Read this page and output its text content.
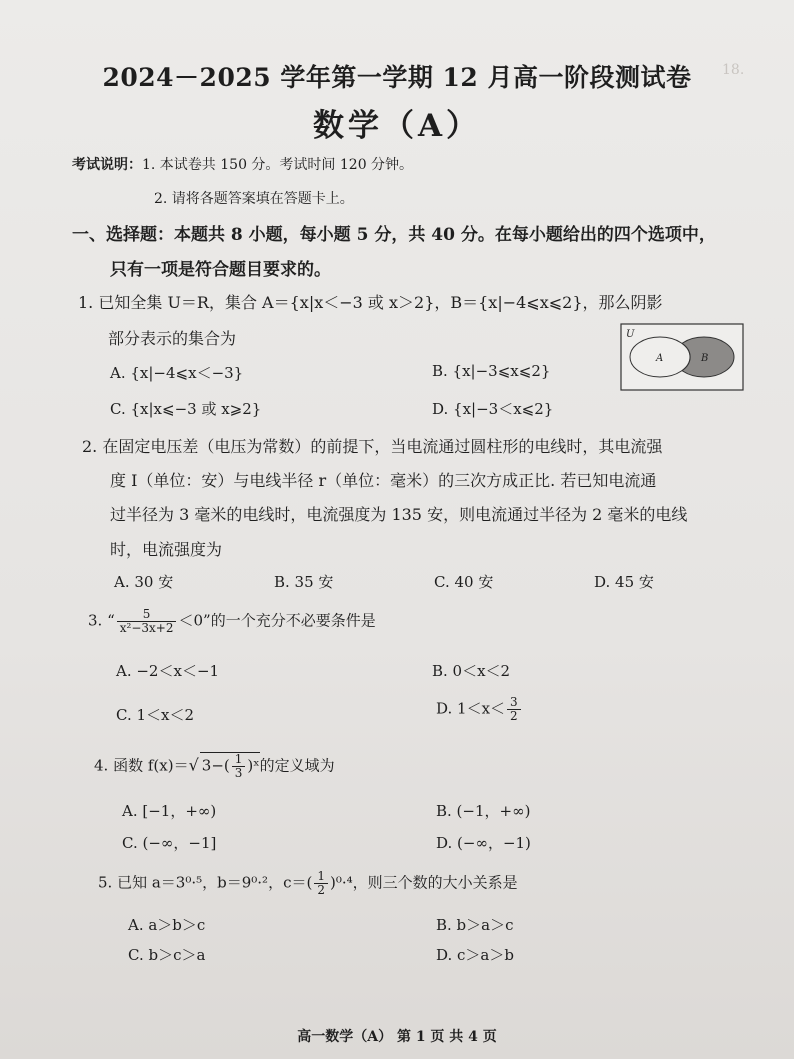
18.
2024－2025 学年第一学期 12 月高一阶段测试卷
数学（A）
考试说明：1. 本试卷共 150 分。考试时间 120 分钟。
2. 请将各题答案填在答题卡上。
一、选择题：本题共 8 小题，每小题 5 分，共 40 分。在每小题给出的四个选项中，
只有一项是符合题目要求的。
1. 已知全集 U＝R，集合 A＝{x|x＜−3 或 x＞2}，B＝{x|−4⩽x⩽2}，那么阴影
部分表示的集合为
A. {x|−4⩽x＜−3}	B. {x|−3⩽x⩽2}
C. {x|x⩽−3 或 x⩾2}	D. {x|−3＜x⩽2}
U
A	B
2. 在固定电压差（电压为常数）的前提下，当电流通过圆柱形的电线时，其电流强
度 I（单位：安）与电线半径 r（单位：毫米）的三次方成正比. 若已知电流通
过半径为 3 毫米的电线时，电流强度为 135 安，则电流通过半径为 2 毫米的电线
时，电流强度为
A. 30 安	B. 35 安	C. 40 安	D. 45 安
3. “ $\frac{5}{\text{x²−3x+2}} <0$”的一个充分不必要条件是
A. −2＜x＜−1	B. 0＜x＜2
C. 1＜x＜2	D. $1<x< \frac{3}{2}$
4. 函数 f(x)＝√ $3-( \frac{1}{3}$ )ˣ的定义域为
A. [−1，+∞)	B. (−1，+∞)
C. (−∞，−1]	D. (−∞，−1)
5. 已知 a＝3⁰·⁵，b＝9⁰·²，$c=( \frac{1}{2} )^0\cdot^4$，则三个数的大小关系是
A. a＞b＞c	B. b＞a＞c
C. b＞c＞a	D. c＞a＞b
高一数学（A） 第 1 页 共 4 页
